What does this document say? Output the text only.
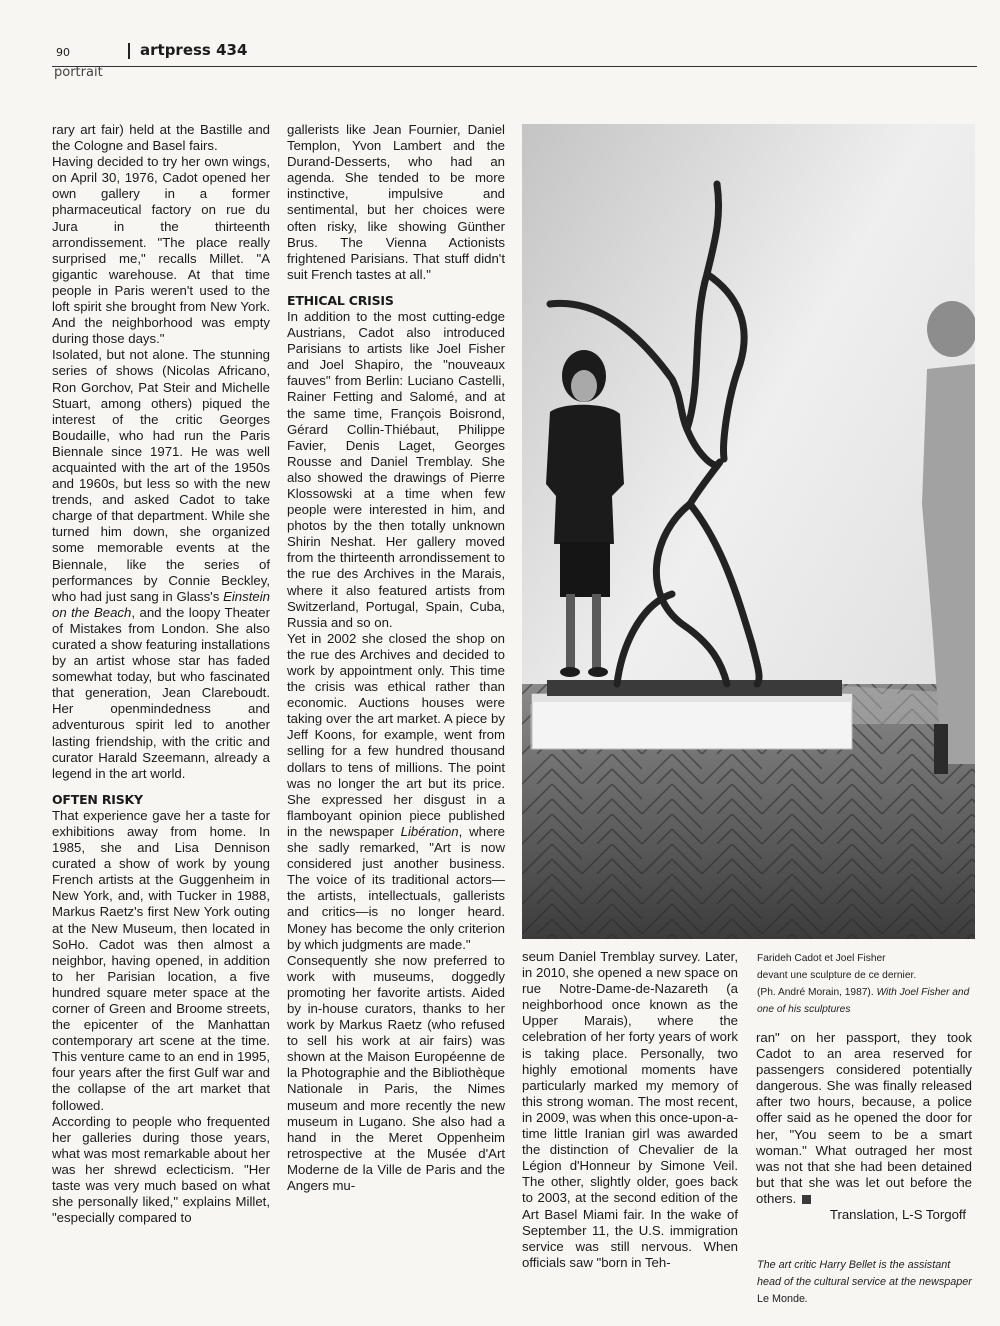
90	artpress 434
portrait

rary art fair) held at the Bastille and the Cologne and Basel fairs.

Having decided to try her own wings, on April 30, 1976, Cadot opened her own gallery in a former pharmaceutical factory on rue du Jura in the thirteenth arrondissement. "The place really surprised me," recalls Millet. "A gigantic warehouse. At that time people in Paris weren't used to the loft spirit she brought from New York. And the neighborhood was empty during those days."

Isolated, but not alone. The stunning series of shows (Nicolas Africano, Ron Gorchov, Pat Steir and Michelle Stuart, among others) piqued the interest of the critic Georges Boudaille, who had run the Paris Biennale since 1971. He was well acquainted with the art of the 1950s and 1960s, but less so with the new trends, and asked Cadot to take charge of that department. While she turned him down, she organized some memorable events at the Biennale, like the series of performances by Connie Beckley, who had just sang in Glass's Einstein on the Beach, and the loopy Theater of Mistakes from London. She also curated a show featuring installations by an artist whose star has faded somewhat today, but who fascinated that generation, Jean Clareboudt. Her openmindedness and adventurous spirit led to another lasting friendship, with the critic and curator Harald Szeemann, already a legend in the art world.

OFTEN RISKY

That experience gave her a taste for exhibitions away from home. In 1985, she and Lisa Dennison curated a show of work by young French artists at the Guggenheim in New York, and, with Tucker in 1988, Markus Raetz's first New York outing at the New Museum, then located in SoHo. Cadot was then almost a neighbor, having opened, in addition to her Parisian location, a five hundred square meter space at the corner of Green and Broome streets, the epicenter of the Manhattan contemporary art scene at the time. This venture came to an end in 1995, four years after the first Gulf war and the collapse of the art market that followed.

According to people who frequented her galleries during those years, what was most remarkable about her was her shrewd eclecticism. "Her taste was very much based on what she personally liked," explains Millet, "especially compared to

gallerists like Jean Fournier, Daniel Templon, Yvon Lambert and the Durand-Desserts, who had an agenda. She tended to be more instinctive, impulsive and sentimental, but her choices were often risky, like showing Günther Brus. The Vienna Actionists frightened Parisians. That stuff didn't suit French tastes at all."

ETHICAL CRISIS

In addition to the most cutting-edge Austrians, Cadot also introduced Parisians to artists like Joel Fisher and Joel Shapiro, the "nouveaux fauves" from Berlin: Luciano Castelli, Rainer Fetting and Salomé, and at the same time, François Boisrond, Gérard Collin-Thiébaut, Philippe Favier, Denis Laget, Georges Rousse and Daniel Tremblay. She also showed the drawings of Pierre Klossowski at a time when few people were interested in him, and photos by the then totally unknown Shirin Neshat. Her gallery moved from the thirteenth arrondissement to the rue des Archives in the Marais, where it also featured artists from Switzerland, Portugal, Spain, Cuba, Russia and so on.

Yet in 2002 she closed the shop on the rue des Archives and decided to work by appointment only. This time the crisis was ethical rather than economic. Auctions houses were taking over the art market. A piece by Jeff Koons, for example, went from selling for a few hundred thousand dollars to tens of millions. The point was no longer the art but its price. She expressed her disgust in a flamboyant opinion piece published in the newspaper Libération, where she sadly remarked, "Art is now considered just another business. The voice of its traditional actors—the artists, intellectuals, gallerists and critics—is no longer heard. Money has become the only criterion by which judgments are made."

Consequently she now preferred to work with museums, doggedly promoting her favorite artists. Aided by in-house curators, thanks to her work by Markus Raetz (who refused to sell his work at air fairs) was shown at the Maison Européenne de la Photographie and the Bibliothèque Nationale in Paris, the Nimes museum and more recently the new museum in Lugano. She also had a hand in the Meret Oppenheim retrospective at the Musée d'Art Moderne de la Ville de Paris and the Angers mu-

seum Daniel Tremblay survey. Later, in 2010, she opened a new space on rue Notre-Dame-de-Nazareth (a neighborhood once known as the Upper Marais), where the celebration of her forty years of work is taking place. Personally, two highly emotional moments have particularly marked my memory of this strong woman. The most recent, in 2009, was when this once-upon-a-time little Iranian girl was awarded the distinction of Chevalier de la Légion d'Honneur by Simone Veil. The other, slightly older, goes back to 2003, at the second edition of the Art Basel Miami fair. In the wake of September 11, the U.S. immigration service was still nervous. When officials saw "born in Teh-

Farideh Cadot et Joel Fisher
devant une sculpture de ce dernier.
(Ph. André Morain, 1987). With Joel Fisher and one of his sculptures

ran" on her passport, they took Cadot to an area reserved for passengers considered potentially dangerous. She was finally released after two hours, because, a police offer said as he opened the door for her, "You seem to be a smart woman." What outraged her most was not that she had been detained but that she was let out before the others.

Translation, L-S Torgoff

The art critic Harry Bellet is the assistant head of the cultural service at the newspaper Le Monde.
